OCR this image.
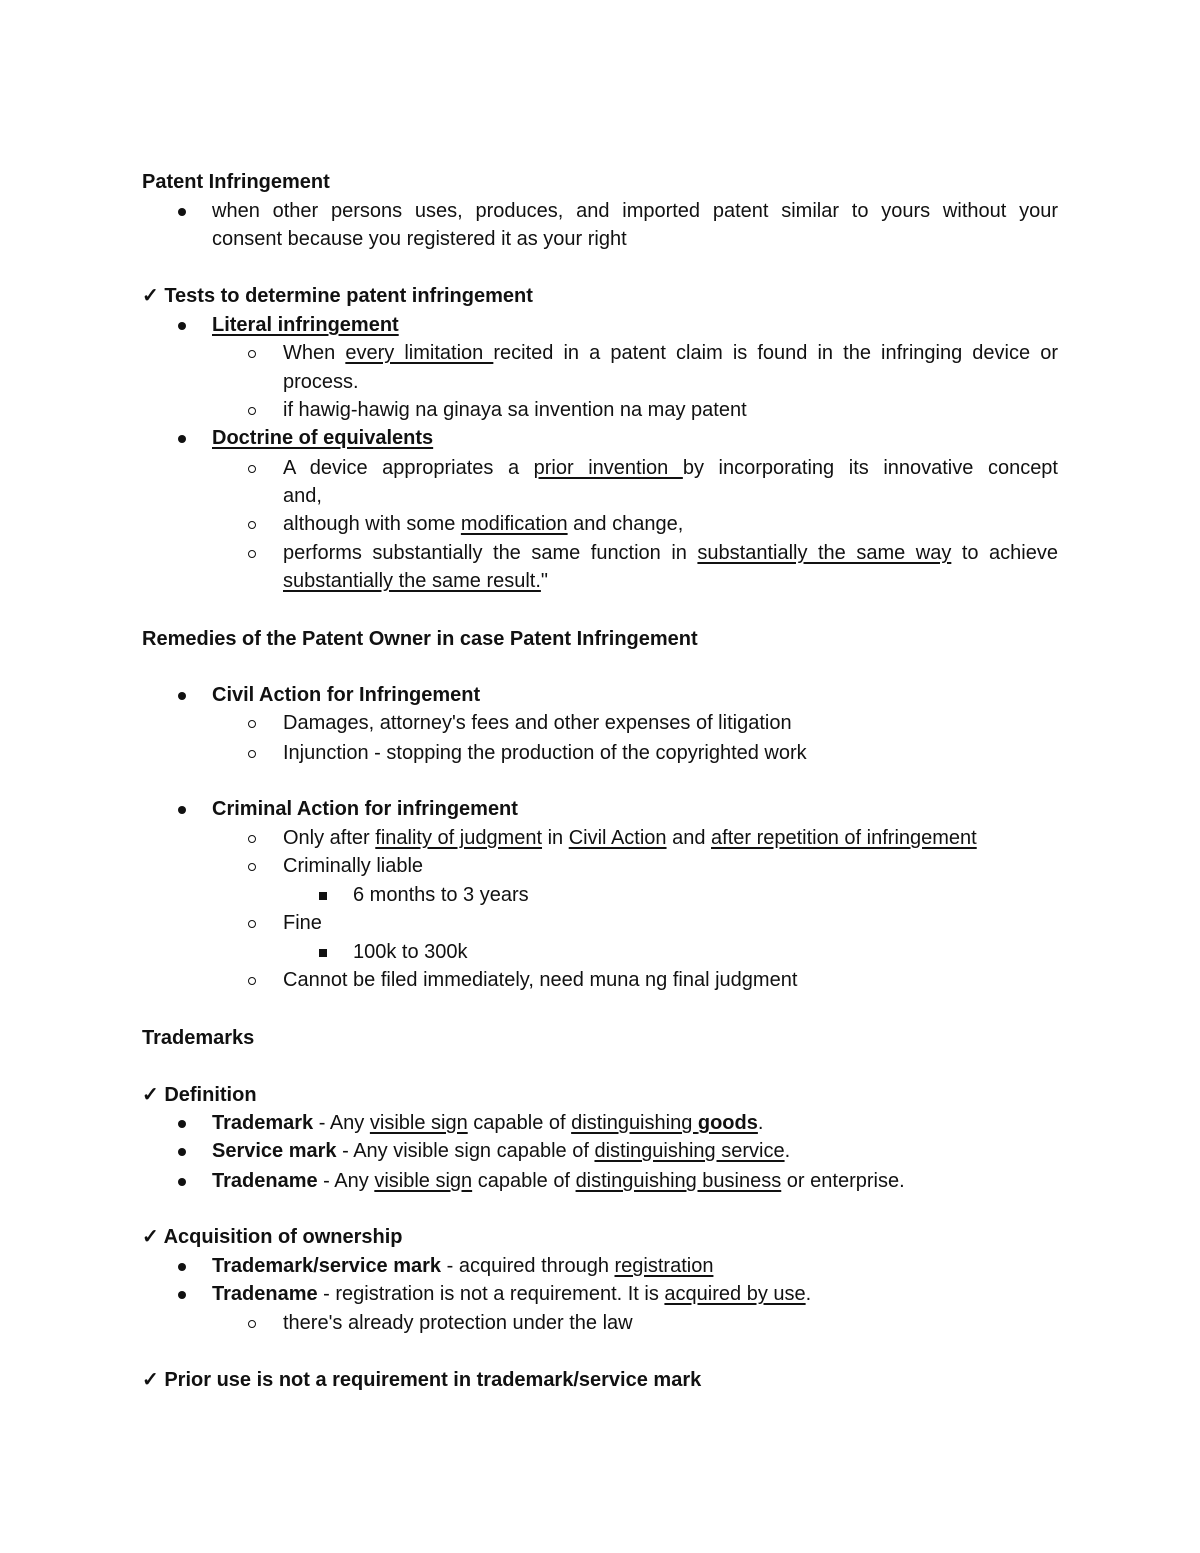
Patent Infringement
when other persons uses, produces, and imported patent similar to yours without your
consent because you registered it as your right
✓ Tests to determine patent infringement
Literal infringement
When every limitation recited in a patent claim is found in the infringing device or
process.
if hawig-hawig na ginaya sa invention na may patent
Doctrine of equivalents
A device appropriates a prior invention by incorporating its innovative concept
and,
although with some modification and change,
performs substantially the same function in substantially the same way to achieve
substantially the same result."
Remedies of the Patent Owner in case Patent Infringement
Civil Action for Infringement
Damages, attorney's fees and other expenses of litigation
Injunction - stopping the production of the copyrighted work
Criminal Action for infringement
Only after finality of judgment in Civil Action and after repetition of infringement
Criminally liable
6 months to 3 years
Fine
100k to 300k
Cannot be filed immediately, need muna ng final judgment
Trademarks
✓ Definition
Trademark - Any visible sign capable of distinguishing goods.
Service mark - Any visible sign capable of distinguishing service.
Tradename - Any visible sign capable of distinguishing business or enterprise.
✓ Acquisition of ownership
Trademark/service mark - acquired through registration
Tradename - registration is not a requirement. It is acquired by use.
there's already protection under the law
✓ Prior use is not a requirement in trademark/service mark
